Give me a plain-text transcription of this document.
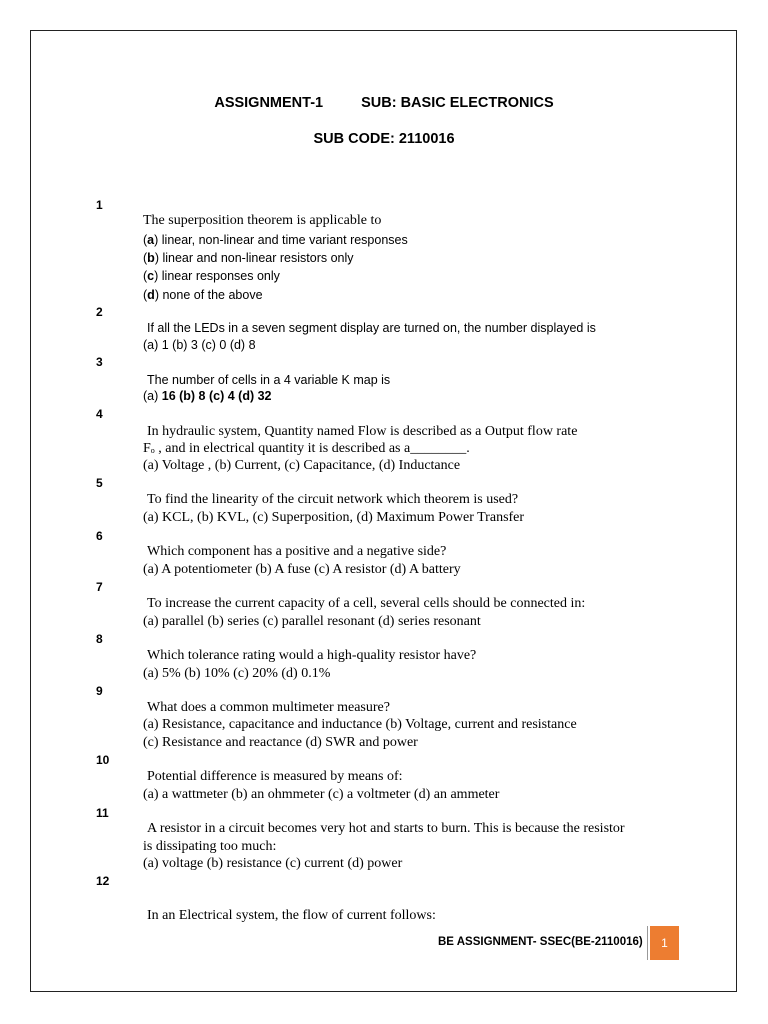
ASSIGNMENT-1	SUB: BASIC ELECTRONICS
SUB CODE: 2110016
1
The superposition theorem is applicable to
(a) linear, non-linear and time variant responses
(b) linear and non-linear resistors only
(c) linear responses only
(d) none of the above
2
If all the LEDs in a seven segment display are turned on, the number displayed is
(a) 1 (b) 3 (c) 0 (d) 8
3
The number of cells in a 4 variable K map is
(a) 16 (b) 8 (c) 4 (d) 32
4
In hydraulic system, Quantity named Flow is described as a Output flow rate
Fo , and in electrical quantity it is described as a________.
(a) Voltage , (b) Current, (c) Capacitance, (d) Inductance
5
To find the linearity of the circuit network which theorem is used?
(a) KCL, (b) KVL, (c) Superposition, (d) Maximum Power Transfer
6
Which component has a positive and a negative side?
(a) A potentiometer (b) A fuse (c) A resistor (d) A battery
7
To increase the current capacity of a cell, several cells should be connected in:
(a) parallel (b) series (c) parallel resonant (d) series resonant
8
Which tolerance rating would a high-quality resistor have?
(a) 5% (b) 10% (c) 20% (d) 0.1%
9
What does a common multimeter measure?
(a) Resistance, capacitance and inductance (b) Voltage, current and resistance
(c) Resistance and reactance (d) SWR and power
10
Potential difference is measured by means of:
(a) a wattmeter (b) an ohmmeter (c) a voltmeter (d) an ammeter
11
A resistor in a circuit becomes very hot and starts to burn. This is because the resistor
is dissipating too much:
(a) voltage (b) resistance (c) current (d) power
12
In an Electrical system, the flow of current follows:
BE ASSIGNMENT- SSEC(BE-2110016)	1
